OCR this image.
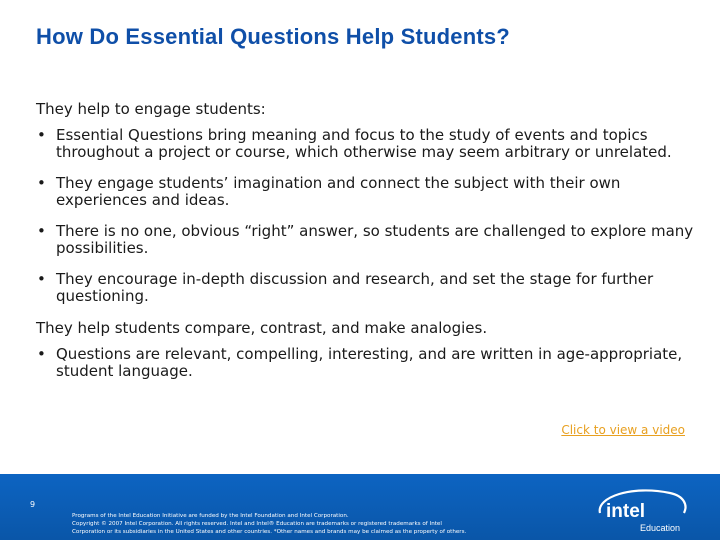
How Do Essential Questions Help Students?

They help to engage students:

• Essential Questions bring meaning and focus to the study of events and topics throughout a project or course, which otherwise may seem arbitrary or unrelated.
• They engage students’ imagination and connect the subject with their own experiences and ideas.
• There is no one, obvious “right” answer, so students are challenged to explore many possibilities.
• They encourage in-depth discussion and research, and set the stage for further questioning.

They help students compare, contrast, and make analogies.

• Questions are relevant, compelling, interesting, and are written in age-appropriate, student language.
Click to view a video
9
Programs of the Intel Education Initiative are funded by the Intel Foundation and Intel Corporation.
Copyright © 2007 Intel Corporation. All rights reserved. Intel and Intel® Education are trademarks or registered trademarks of Intel
Corporation or its subsidiaries in the United States and other countries. *Other names and brands may be claimed as the property of others.
intel
Education
